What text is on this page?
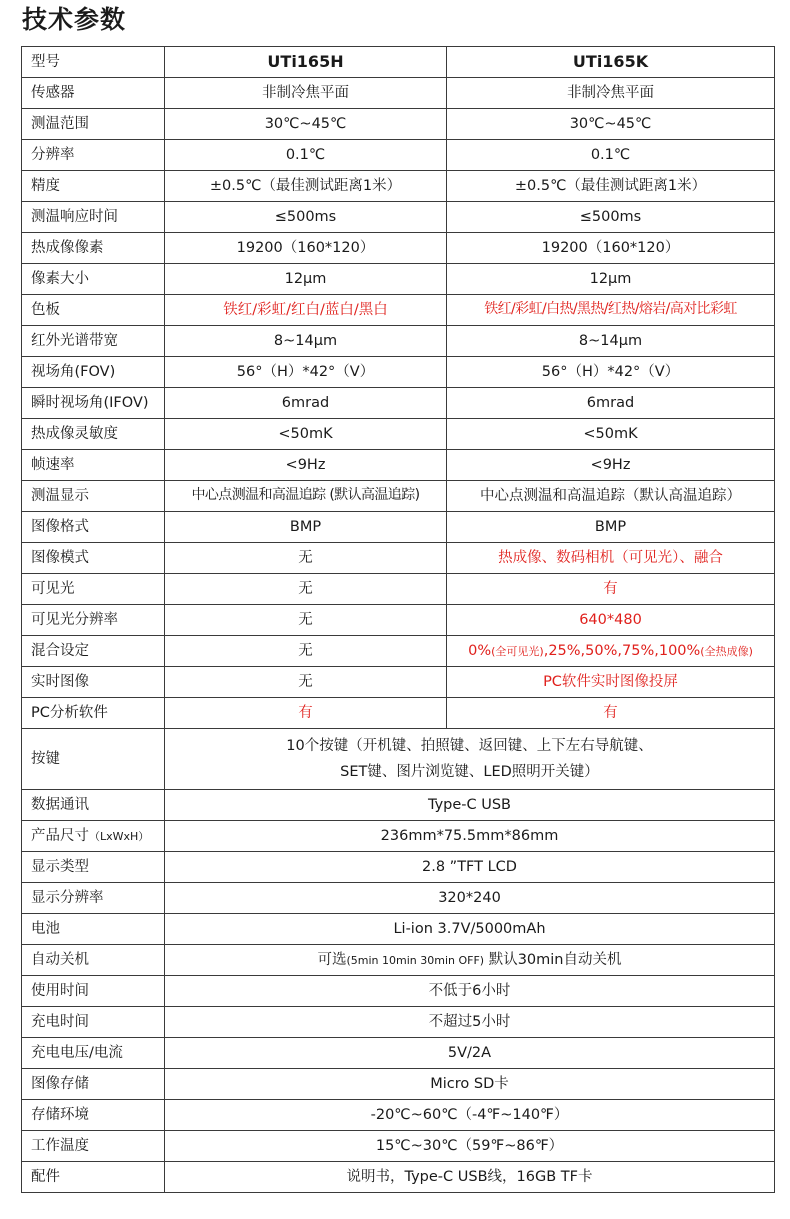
技术参数
型号	UTi165H	UTi165K
传感器	非制冷焦平面	非制冷焦平面
测温范围	30℃~45℃	30℃~45℃
分辨率	0.1℃	0.1℃
精度	±0.5℃（最佳测试距离1米）	±0.5℃（最佳测试距离1米）
测温响应时间	≤500ms	≤500ms
热成像像素	19200（160*120）	19200（160*120）
像素大小	12μm	12μm
色板	铁红/彩虹/红白/蓝白/黑白	铁红/彩虹/白热/黑热/红热/熔岩/高对比彩虹
红外光谱带宽	8~14μm	8~14μm
视场角(FOV)	56°（H）*42°（V）	56°（H）*42°（V）
瞬时视场角(IFOV)	6mrad	6mrad
热成像灵敏度	<50mK	<50mK
帧速率	<9Hz	<9Hz
测温显示	中心点测温和高温追踪 (默认高温追踪)	中心点测温和高温追踪（默认高温追踪）
图像格式	BMP	BMP
图像模式	无	热成像、数码相机（可见光）、融合
可见光	无	有
可见光分辨率	无	640*480
混合设定	无	0%(全可见光),25%,50%,75%,100%(全热成像)
实时图像	无	PC软件实时图像投屏
PC分析软件	有	有
按键	10个按键（开机键、拍照键、返回键、上下左右导航键、
SET键、图片浏览键、LED照明开关键）	

数据通讯	Type-C USB	
产品尺寸（LxWxH）	236mm*75.5mm*86mm	
显示类型	2.8 ”TFT LCD	
显示分辨率	320*240	
电池	Li-ion 3.7V/5000mAh	
自动关机	可选(5min 10min 30min OFF) 默认30min自动关机	
使用时间	不低于6小时	
充电时间	不超过5小时	
充电电压/电流	5V/2A	
图像存储	Micro SD卡	
存储环境	-20℃~60℃（-4℉~140℉）	
工作温度	15℃~30℃（59℉~86℉）	
配件	说明书，Type-C USB线，16GB TF卡	
